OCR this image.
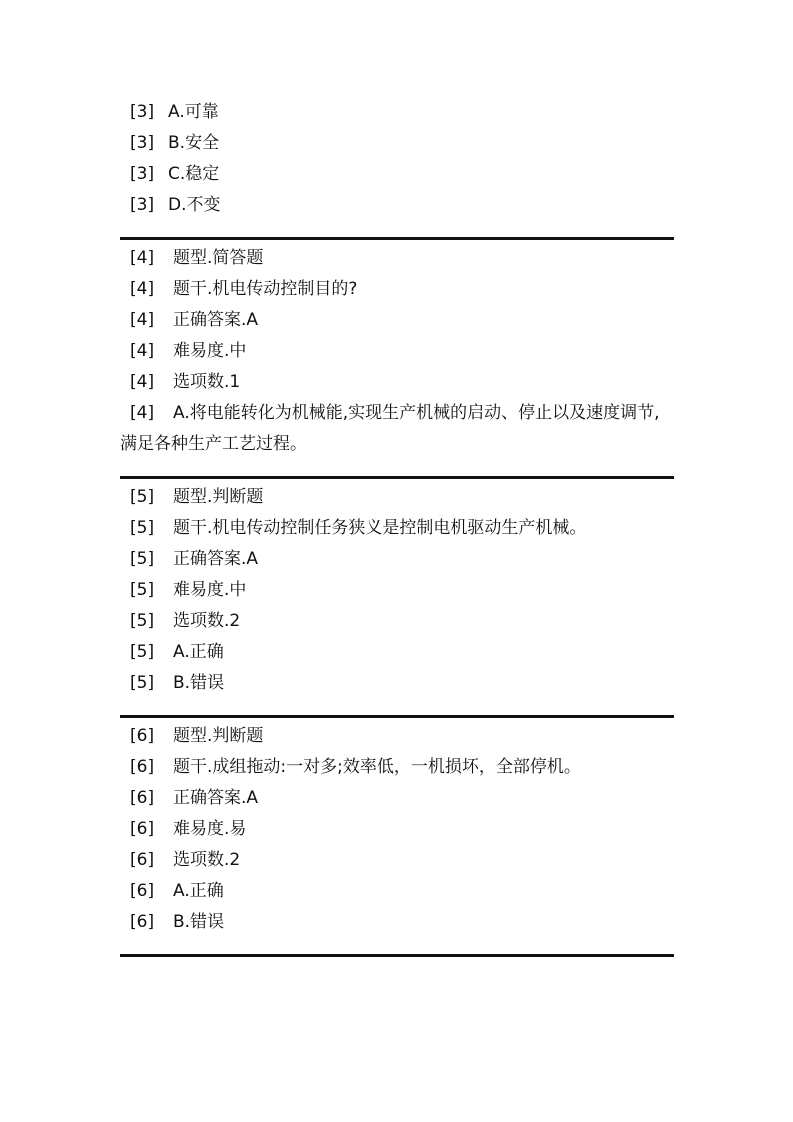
[3] A.可靠
[3] B.安全
[3] C.稳定
[3] D.不变
[4] 题型.简答题
[4] 题干.机电传动控制目的?
[4] 正确答案.A
[4] 难易度.中
[4] 选项数.1
[4] A.将电能转化为机械能,实现生产机械的启动、停止以及速度调节, 满足各种生产工艺过程。
[5] 题型.判断题
[5] 题干.机电传动控制任务狭义是控制电机驱动生产机械。
[5] 正确答案.A
[5] 难易度.中
[5] 选项数.2
[5] A.正确
[5] B.错误
[6] 题型.判断题
[6] 题干.成组拖动:一对多;效率低，一机损坏，全部停机。
[6] 正确答案.A
[6] 难易度.易
[6] 选项数.2
[6] A.正确
[6] B.错误
